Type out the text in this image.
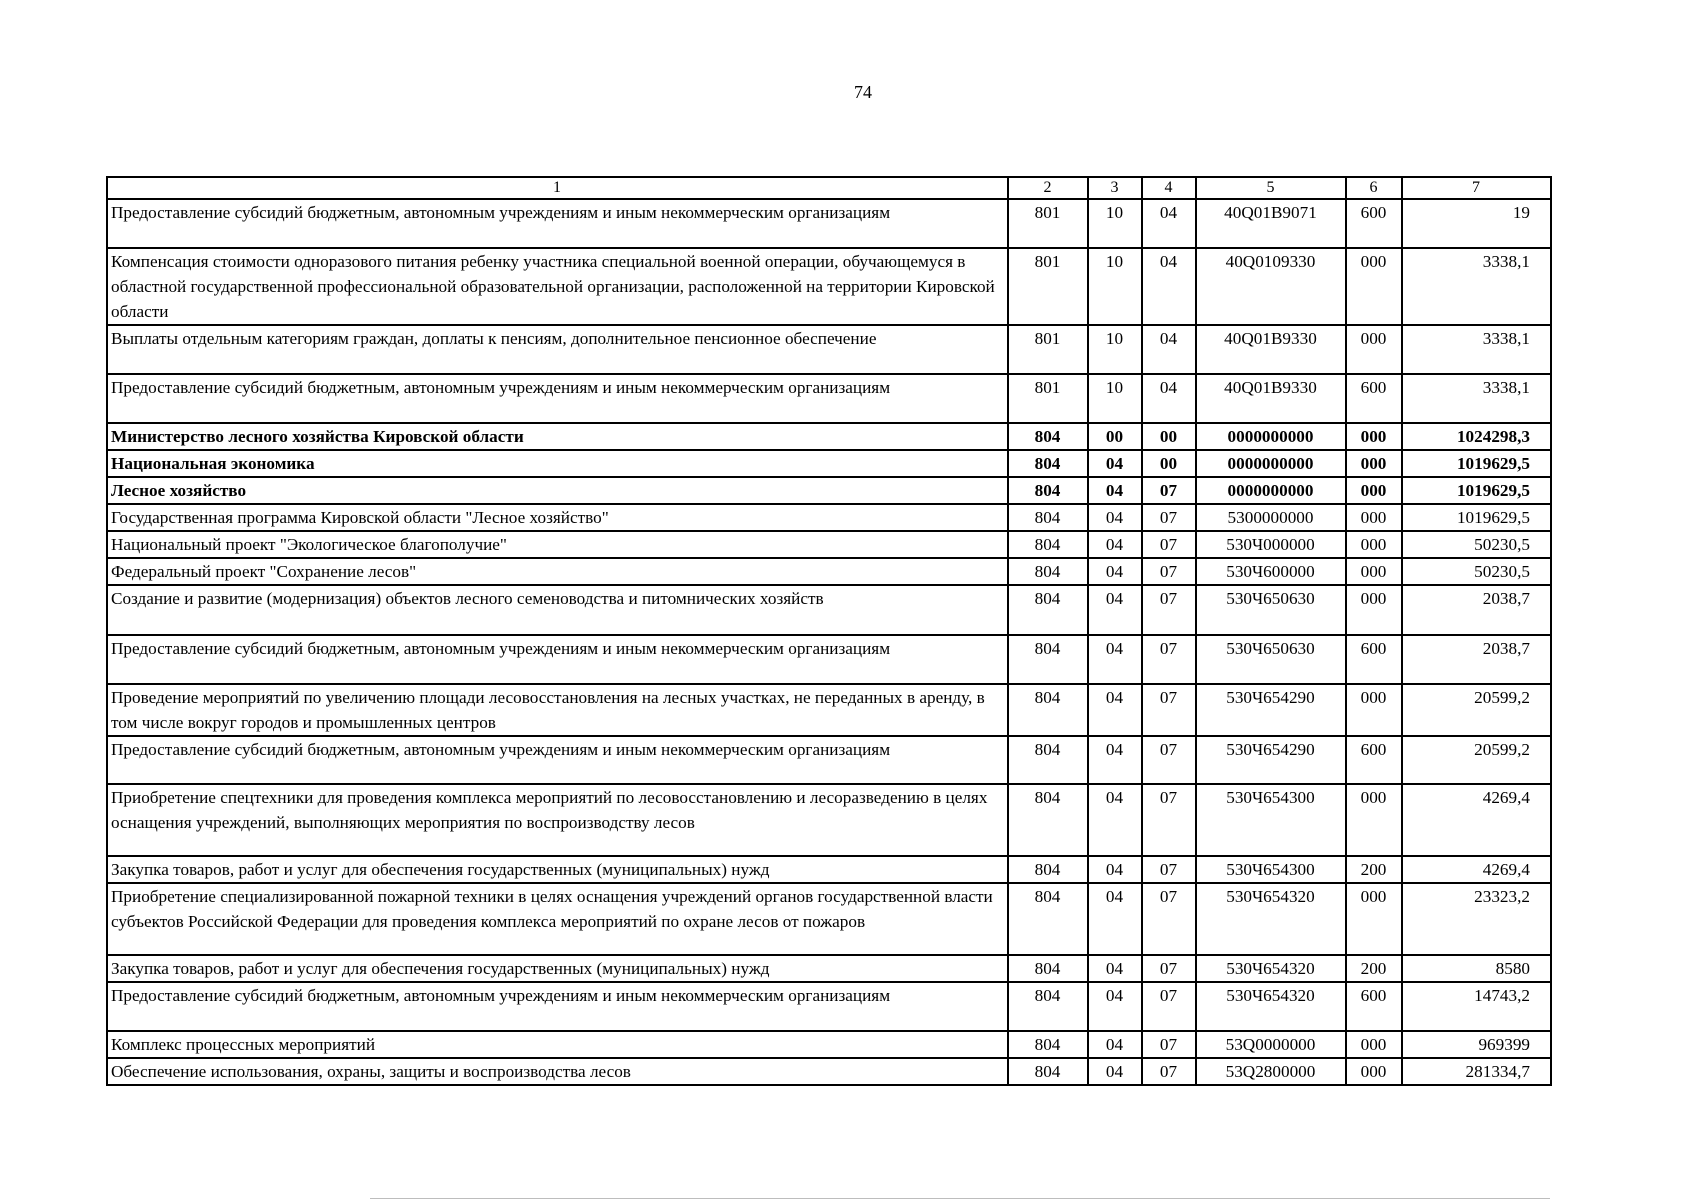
74
1	2	3	4	5	6	7
Предоставление субсидий бюджетным, автономным учреждениям и иным некоммерческим организациям	801	10	04	40Q01B9071	600	19
Компенсация стоимости одноразового питания ребенку участника специальной военной операции, обучающемуся в областной государственной профессиональной образовательной организации, расположенной на территории Кировской области	801	10	04	40Q0109330	000	3338,1
Выплаты отдельным категориям граждан, доплаты к пенсиям, дополнительное пенсионное обеспечение	801	10	04	40Q01B9330	000	3338,1
Предоставление субсидий бюджетным, автономным учреждениям и иным некоммерческим организациям	801	10	04	40Q01B9330	600	3338,1
Министерство лесного хозяйства Кировской области	804	00	00	0000000000	000	1024298,3
Национальная экономика	804	04	00	0000000000	000	1019629,5
Лесное хозяйство	804	04	07	0000000000	000	1019629,5
Государственная программа Кировской области "Лесное хозяйство"	804	04	07	5300000000	000	1019629,5
Национальный проект "Экологическое благополучие"	804	04	07	530Ч000000	000	50230,5
Федеральный проект "Сохранение лесов"	804	04	07	530Ч600000	000	50230,5
Создание и развитие (модернизация) объектов лесного семеноводства и питомнических хозяйств	804	04	07	530Ч650630	000	2038,7
Предоставление субсидий бюджетным, автономным учреждениям и иным некоммерческим организациям	804	04	07	530Ч650630	600	2038,7
Проведение мероприятий по увеличению площади лесовосстановления на лесных участках, не переданных в аренду, в том числе вокруг городов и промышленных центров	804	04	07	530Ч654290	000	20599,2
Предоставление субсидий бюджетным, автономным учреждениям и иным некоммерческим организациям	804	04	07	530Ч654290	600	20599,2
Приобретение спецтехники для проведения комплекса мероприятий по лесовосстановлению и лесоразведению в целях оснащения учреждений, выполняющих мероприятия по воспроизводству лесов	804	04	07	530Ч654300	000	4269,4
Закупка товаров, работ и услуг для обеспечения государственных (муниципальных) нужд	804	04	07	530Ч654300	200	4269,4
Приобретение специализированной пожарной техники в целях оснащения учреждений органов государственной власти субъектов Российской Федерации для проведения комплекса мероприятий по охране лесов от пожаров	804	04	07	530Ч654320	000	23323,2
Закупка товаров, работ и услуг для обеспечения государственных (муниципальных) нужд	804	04	07	530Ч654320	200	8580
Предоставление субсидий бюджетным, автономным учреждениям и иным некоммерческим организациям	804	04	07	530Ч654320	600	14743,2
Комплекс процессных мероприятий	804	04	07	53Q0000000	000	969399
Обеспечение использования, охраны, защиты и воспроизводства лесов	804	04	07	53Q2800000	000	281334,7
